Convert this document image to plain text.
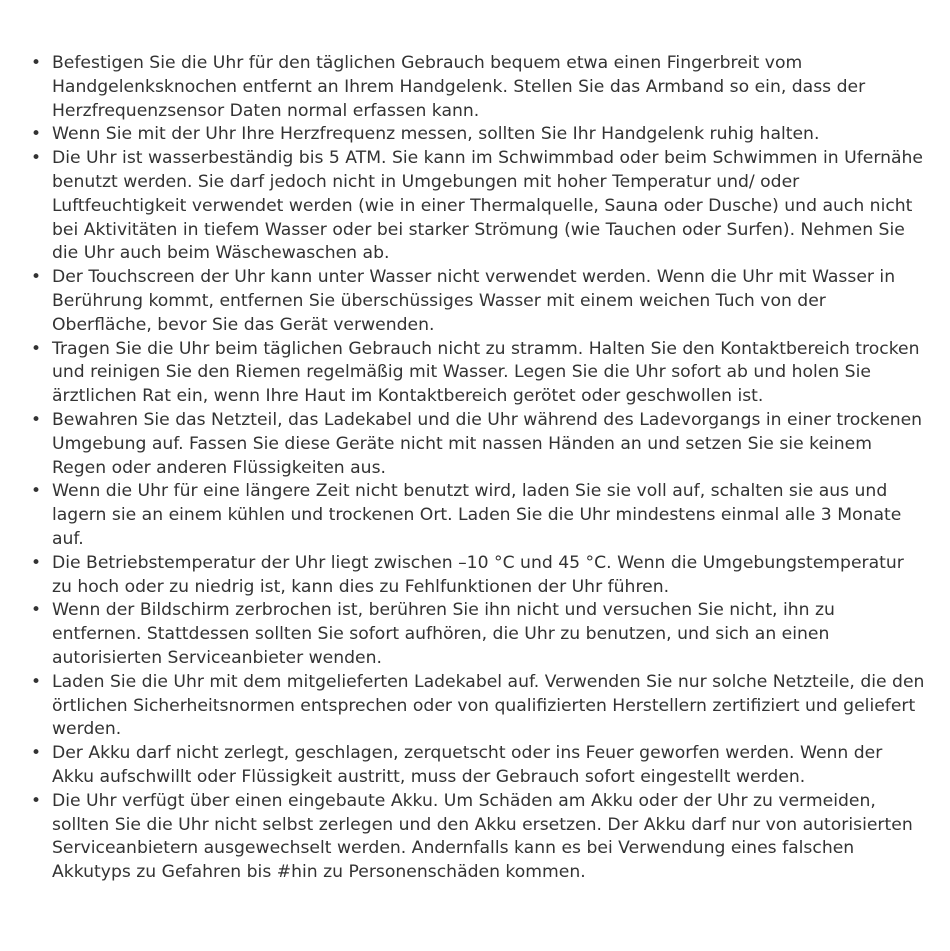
• Befestigen Sie die Uhr für den täglichen Gebrauch bequem etwa einen Fingerbreit vom Handgelenksknochen entfernt an Ihrem Handgelenk. Stellen Sie das Armband so ein, dass der Herzfrequenzsensor Daten normal erfassen kann.
• Wenn Sie mit der Uhr Ihre Herzfrequenz messen, sollten Sie Ihr Handgelenk ruhig halten.
• Die Uhr ist wasserbeständig bis 5 ATM. Sie kann im Schwimmbad oder beim Schwimmen in Ufernähe benutzt werden. Sie darf jedoch nicht in Umgebungen mit hoher Temperatur und/ oder Luftfeuchtigkeit verwendet werden (wie in einer Thermalquelle, Sauna oder Dusche) und auch nicht bei Aktivitäten in tiefem Wasser oder bei starker Strömung (wie Tauchen oder Surfen). Nehmen Sie die Uhr auch beim Wäschewaschen ab.
• Der Touchscreen der Uhr kann unter Wasser nicht verwendet werden. Wenn die Uhr mit Wasser in Berührung kommt, entfernen Sie überschüssiges Wasser mit einem weichen Tuch von der Oberfläche, bevor Sie das Gerät verwenden.
• Tragen Sie die Uhr beim täglichen Gebrauch nicht zu stramm. Halten Sie den Kontaktbereich trocken und reinigen Sie den Riemen regelmäßig mit Wasser. Legen Sie die Uhr sofort ab und holen Sie ärztlichen Rat ein, wenn Ihre Haut im Kontaktbereich gerötet oder geschwollen ist.
• Bewahren Sie das Netzteil, das Ladekabel und die Uhr während des Ladevorgangs in einer trockenen Umgebung auf. Fassen Sie diese Geräte nicht mit nassen Händen an und setzen Sie sie keinem Regen oder anderen Flüssigkeiten aus.
• Wenn die Uhr für eine längere Zeit nicht benutzt wird, laden Sie sie voll auf, schalten sie aus und lagern sie an einem kühlen und trockenen Ort. Laden Sie die Uhr mindestens einmal alle 3 Monate auf.
• Die Betriebstemperatur der Uhr liegt zwischen –10 °C und 45 °C. Wenn die Umgebungstemperatur zu hoch oder zu niedrig ist, kann dies zu Fehlfunktionen der Uhr führen.
• Wenn der Bildschirm zerbrochen ist, berühren Sie ihn nicht und versuchen Sie nicht, ihn zu entfernen. Stattdessen sollten Sie sofort aufhören, die Uhr zu benutzen, und sich an einen autorisierten Serviceanbieter wenden.
• Laden Sie die Uhr mit dem mitgelieferten Ladekabel auf. Verwenden Sie nur solche Netzteile, die den örtlichen Sicherheitsnormen entsprechen oder von qualifizierten Herstellern zertifiziert und geliefert werden.
• Der Akku darf nicht zerlegt, geschlagen, zerquetscht oder ins Feuer geworfen werden. Wenn der Akku aufschwillt oder Flüssigkeit austritt, muss der Gebrauch sofort eingestellt werden.
• Die Uhr verfügt über einen eingebaute Akku. Um Schäden am Akku oder der Uhr zu vermeiden, sollten Sie die Uhr nicht selbst zerlegen und den Akku ersetzen. Der Akku darf nur von autorisierten Serviceanbietern ausgewechselt werden. Andernfalls kann es bei Verwendung eines falschen Akkutyps zu Gefahren bis #hin zu Personenschäden kommen.
